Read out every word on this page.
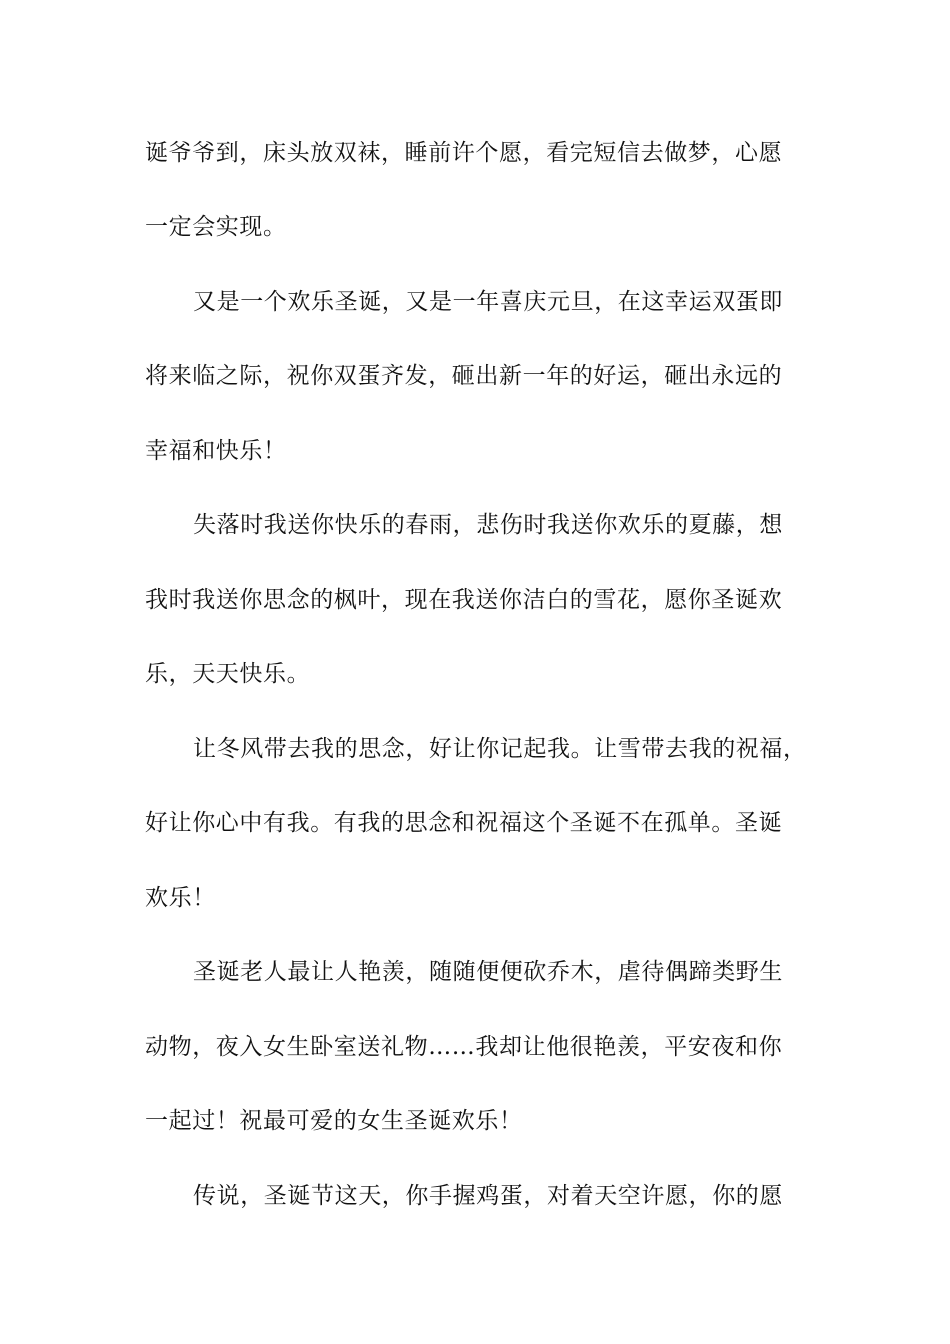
诞爷爷到，床头放双袜，睡前许个愿，看完短信去做梦，心愿
一定会实现。
又是一个欢乐圣诞，又是一年喜庆元旦，在这幸运双蛋即
将来临之际，祝你双蛋齐发，砸出新一年的好运，砸出永远的
幸福和快乐！
失落时我送你快乐的春雨，悲伤时我送你欢乐的夏藤，想
我时我送你思念的枫叶，现在我送你洁白的雪花，愿你圣诞欢
乐，天天快乐。
让冬风带去我的思念，好让你记起我。让雪带去我的祝福，
好让你心中有我。有我的思念和祝福这个圣诞不在孤单。圣诞
欢乐！
圣诞老人最让人艳羡，随随便便砍乔木，虐待偶蹄类野生
动物，夜入女生卧室送礼物……我却让他很艳羡，平安夜和你
一起过！祝最可爱的女生圣诞欢乐！
传说，圣诞节这天，你手握鸡蛋，对着天空许愿，你的愿
